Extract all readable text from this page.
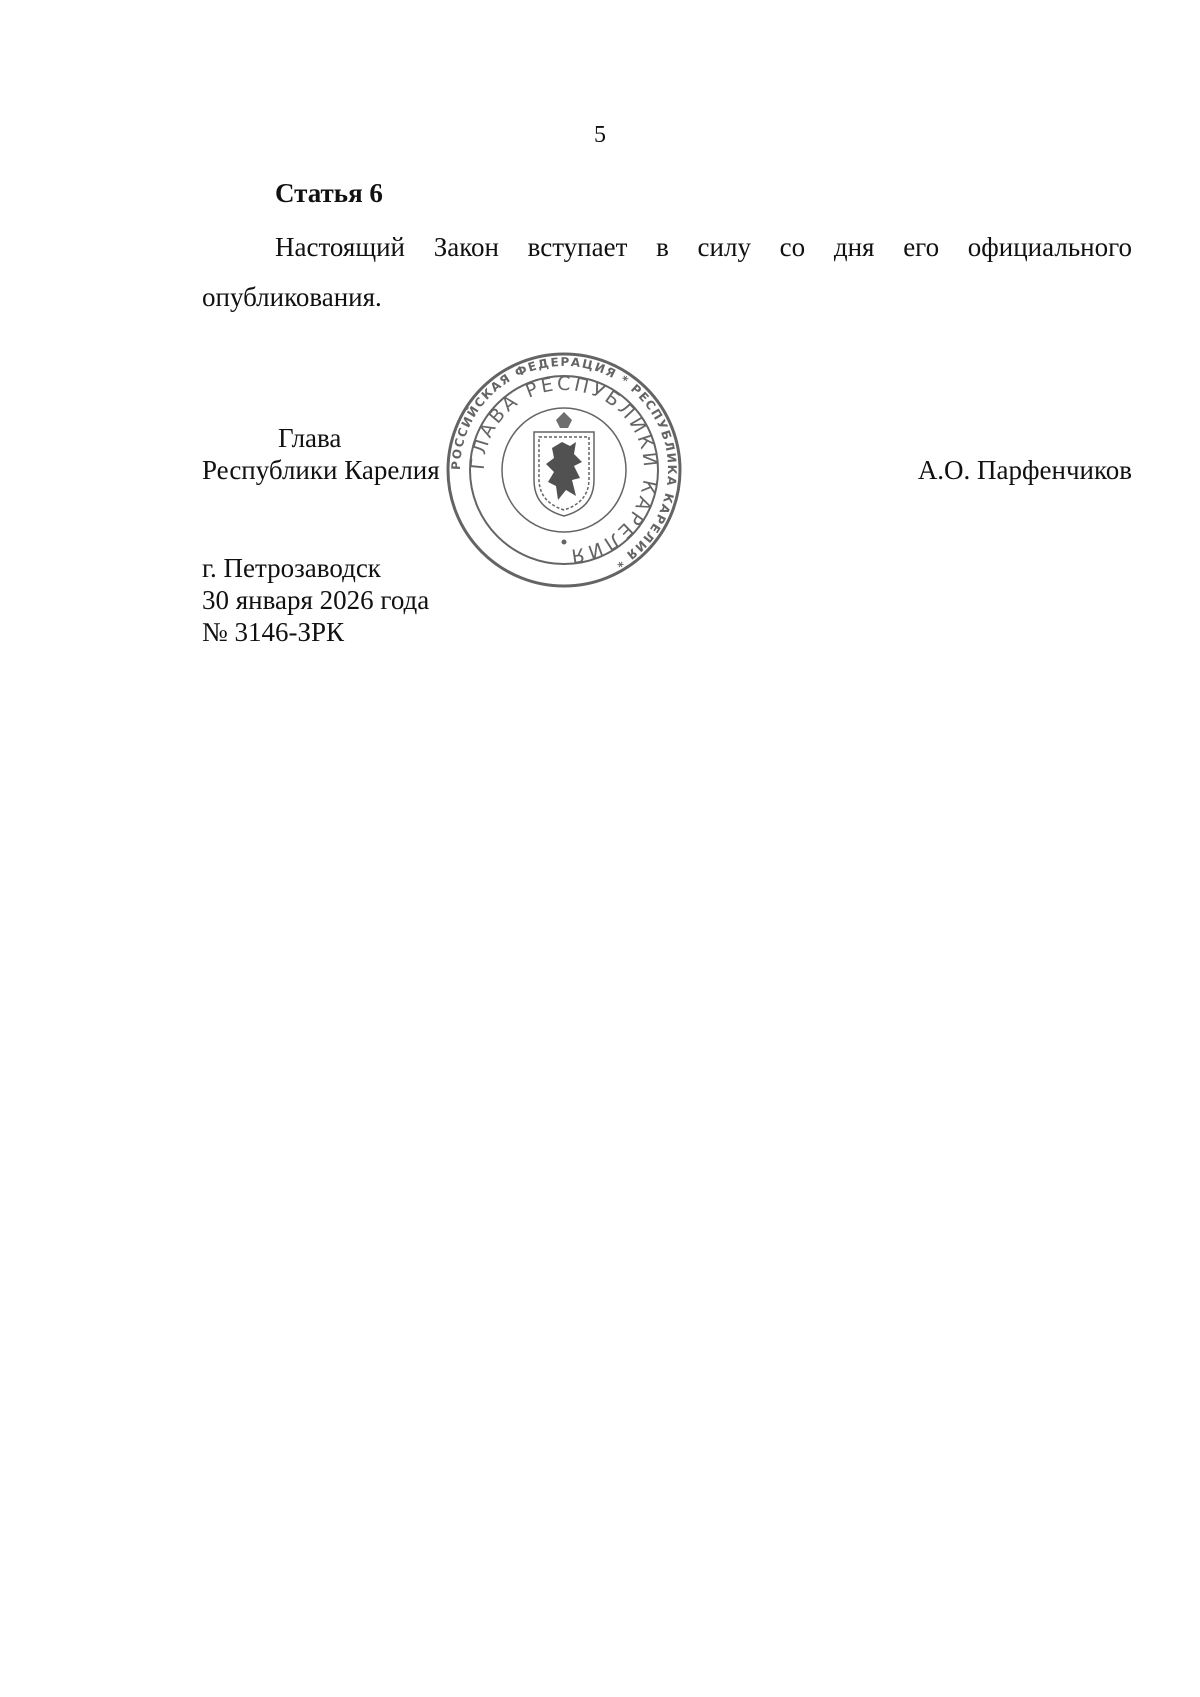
5
Статья 6

Настоящий Закон вступает в силу со дня его официального опубликования.

Глава
Республики Карелия	А.О. Парфенчиков
РОССИЙСКАЯ ФЕДЕРАЦИЯ * РЕСПУБЛИКА КАРЕЛИЯ *
ГЛАВА РЕСПУБЛИКИ КАРЕЛИЯ
г. Петрозаводск
30 января 2026 года
№ 3146-ЗРК
